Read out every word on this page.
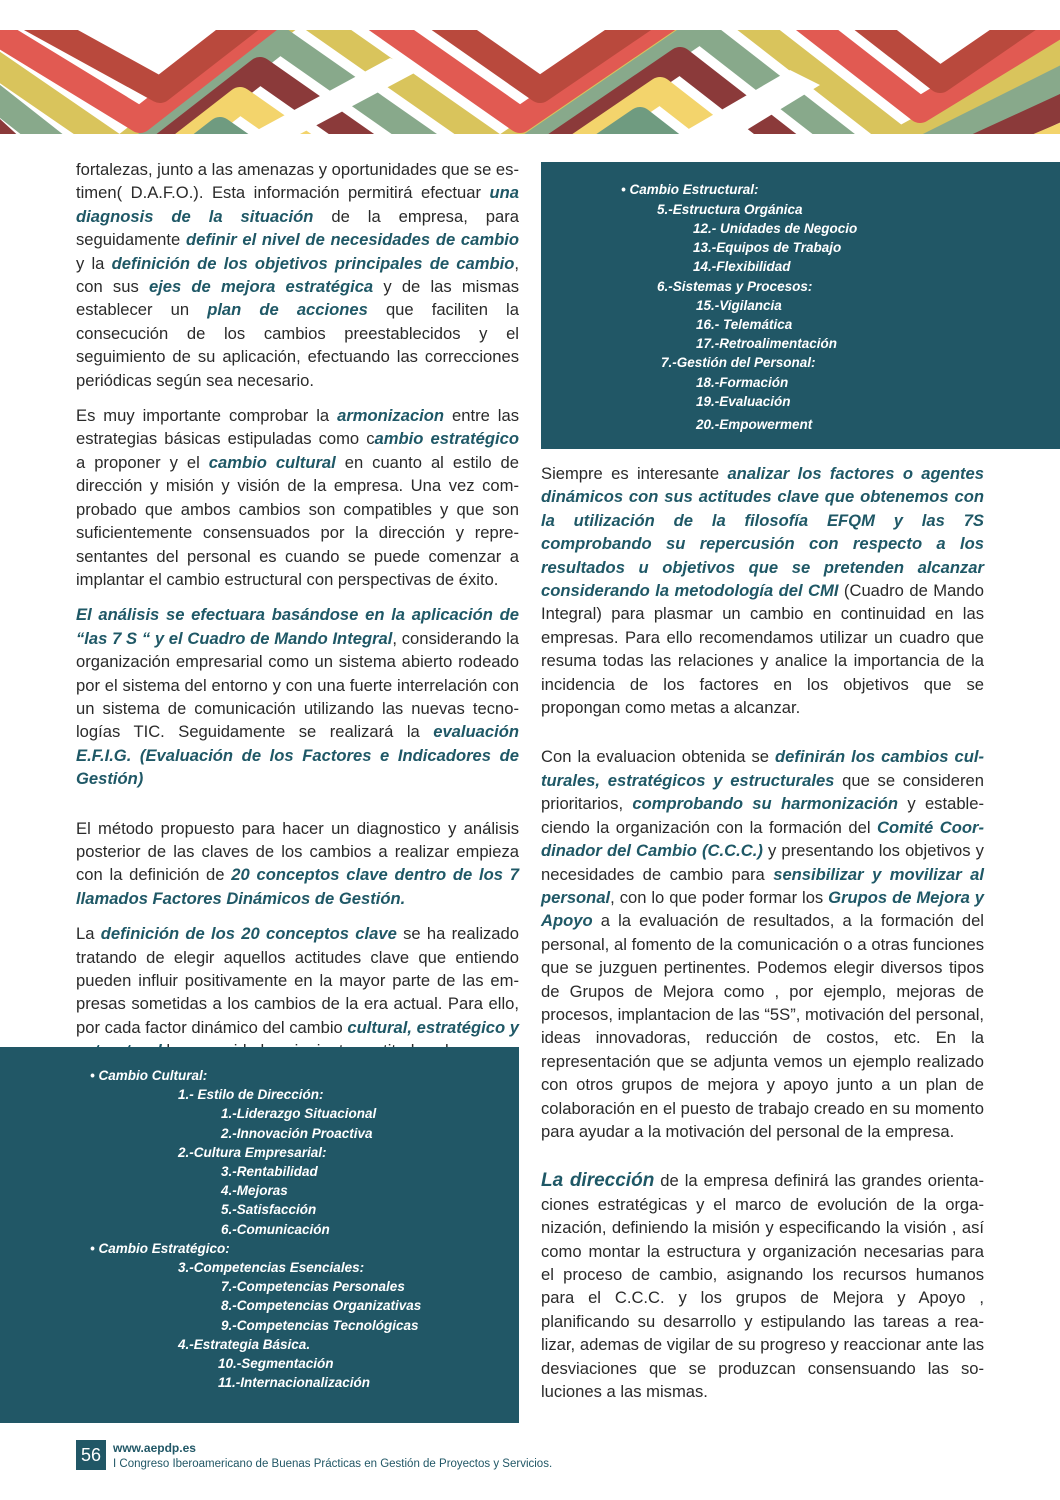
fortalezas, junto a las amenazas y oportunidades que se estimen( D.A.F.O.). Esta información permitirá efectuar una diagnosis de la situación de la empresa, para seguidamente definir el nivel de necesidades de cambio y la definición de los objetivos principales de cambio, con sus ejes de mejora estratégica y de las mismas establecer un plan de acciones que faciliten la consecución de los cambios preestablecidos y el seguimiento de su aplicación, efectuando las correcciones periódicas según sea necesario.

Es muy importante comprobar la armonizacion entre las estrategias básicas estipuladas como cambio estratégico a proponer y el cambio cultural en cuanto al estilo de dirección y misión y visión de la empresa. Una vez comprobado que ambos cambios son compatibles y que son suficientemente consensuados por la dirección y representantes del personal es cuando se puede comenzar a implantar el cambio estructural con perspectivas de éxito.

El análisis se efectuara basándose en la aplicación de “las 7 S “ y el Cuadro de Mando Integral, considerando la organización empresarial como un sistema abierto rodeado por el sistema del entorno y con una fuerte interrelación con un sistema de comunicación utilizando las nuevas tecnologías TIC. Seguidamente se realizará la evaluación E.F.I.G. (Evaluación de los Factores e Indicadores de Gestión)

El método propuesto para hacer un diagnostico y análisis posterior de las claves de los cambios a realizar empieza con la definición de 20 conceptos clave dentro de los 7 llamados Factores Dinámicos de Gestión.

La definición de los 20 conceptos clave se ha realizado tratando de elegir aquellos actitudes clave que entiendo pueden influir positivamente en la mayor parte de las empresas sometidas a los cambios de la era actual. Para ello, por cada factor dinámico del cambio cultural, estratégico y

• Cambio Cultural:
1.- Estilo de Dirección:
1.-Liderazgo Situacional
2.-Innovación Proactiva
2.-Cultura Empresarial:
3.-Rentabilidad
4.-Mejoras
5.-Satisfacción
6.-Comunicación
• Cambio Estratégico:
3.-Competencias Esenciales:
7.-Competencias Personales
8.-Competencias Organizativas
9.-Competencias Tecnológicas
4.-Estrategia Básica.
10.-Segmentación
11.-Internacionalización
• Cambio Estructural:
5.-Estructura Orgánica
12.- Unidades de Negocio
13.-Equipos de Trabajo
14.-Flexibilidad
6.-Sistemas y Procesos:
15.-Vigilancia
16.- Telemática
17.-Retroalimentación
7.-Gestión del Personal:
18.-Formación
19.-Evaluación
20.-Empowerment

Siempre es interesante analizar los factores o agentes dinámicos con sus actitudes clave que obtenemos con la utilización de la filosofía EFQM y las 7S comprobando su repercusión con respecto a los resultados u objetivos que se pretenden alcanzar considerando la metodología del CMI (Cuadro de Mando Integral) para plasmar un cambio en continuidad en las empresas. Para ello recomendamos utilizar un cuadro que resuma todas las relaciones y analice la importancia de la incidencia de los factores en los objetivos que se propongan como metas a alcanzar.

Con la evaluacion obtenida se definirán los cambios culturales, estratégicos y estructurales que se consideren prioritarios, comprobando su harmonización y estableciendo la organización con la formación del Comité Coordinador del Cambio (C.C.C.) y presentando los objetivos y necesidades de cambio para sensibilizar y movilizar al personal, con lo que poder formar los Grupos de Mejora y Apoyo a la evaluación de resultados, a la formación del personal, al fomento de la comunicación o a otras funciones que se juzguen pertinentes. Podemos elegir diversos tipos de Grupos de Mejora como , por ejemplo, mejoras de procesos, implantacion de las “5S”, motivación del personal, ideas innovadoras, reducción de costos, etc. En la representación que se adjunta vemos un ejemplo realizado con otros grupos de mejora y apoyo junto a un plan de colaboración en el puesto de trabajo creado en su momento para ayudar a la motivación del personal de la empresa.

La dirección de la empresa definirá las grandes orientaciones estratégicas y el marco de evolución de la organización, definiendo la misión y especificando la visión , así como montar la estructura y organización necesarias para el proceso de cambio, asignando los recursos humanos para el C.C.C. y los grupos de Mejora y Apoyo , planificando su desarrollo y estipulando las tareas a realizar, ademas de vigilar de su progreso y reaccionar ante las desviaciones que se produzcan consensuando las soluciones a las mismas.

56 www.aepdp.es
I Congreso Iberoamericano de Buenas Prácticas en Gestión de Proyectos y Servicios.
